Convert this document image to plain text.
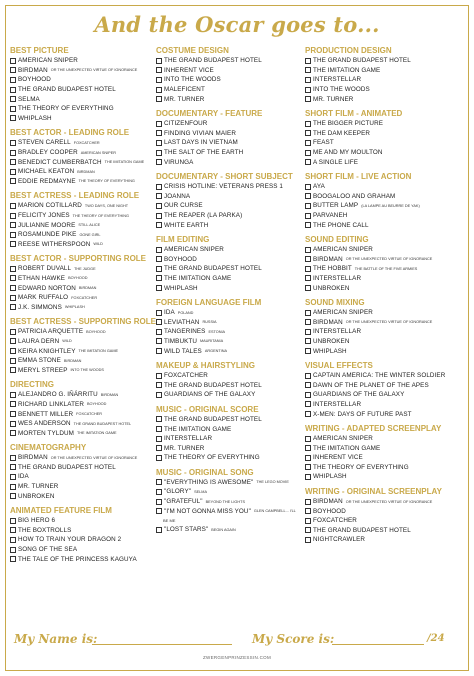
And the Oscar goes to...
BEST PICTURE
AMERICAN SNIPER
BIRDMAN OR THE UNEXPECTED VIRTUE OF IGNORANCE
BOYHOOD
THE GRAND BUDAPEST HOTEL
SELMA
THE THEORY OF EVERYTHING
WHIPLASH
BEST ACTOR - LEADING ROLE
STEVEN CARELL FOXCATCHER
BRADLEY COOPER AMERICAN SNIPER
BENEDICT CUMBERBATCH THE IMITATION GAME
MICHAEL KEATON BIRDMAN
EDDIE REDMAYNE THE THEORY OF EVERYTHING
BEST ACTRESS - LEADING ROLE
MARION COTILLARD TWO DAYS, ONE NIGHT
FELICITY JONES THE THEORY OF EVERYTHING
JULIANNE MOORE STILL ALICE
ROSAMUNDE PIKE GONE GIRL
REESE WITHERSPOON WILD
BEST ACTOR - SUPPORTING ROLE
ROBERT DUVALL THE JUDGE
ETHAN HAWKE BOYHOOD
EDWARD NORTON BIRDMAN
MARK RUFFALO FOXCATCHER
J.K. SIMMONS WHIPLASH
BEST ACTRESS - SUPPORTING ROLE
PATRICIA ARQUETTE BOYHOOD
LAURA DERN WILD
KEIRA KNIGHTLEY THE IMITATION GAME
EMMA STONE BIRDMAN
MERYL STREEP INTO THE WOODS
DIRECTING
ALEJANDRO G. IÑÁRRITU BIRDMAN
RICHARD LINKLATER BOYHOOD
BENNETT MILLER FOXCATCHER
WES ANDERSON THE GRAND BUDAPEST HOTEL
MORTEN TYLDUM THE IMITATION GAME
CINEMATOGRAPHY
BIRDMAN OR THE UNEXPECTED VIRTUE OF IGNORANCE
THE GRAND BUDAPEST HOTEL
IDA
MR. TURNER
UNBROKEN
ANIMATED FEATURE FILM
BIG HERO 6
THE BOXTROLLS
HOW TO TRAIN YOUR DRAGON 2
SONG OF THE SEA
THE TALE OF THE PRINCESS KAGUYA
COSTUME DESIGN
THE GRAND BUDAPEST HOTEL
INHERENT VICE
INTO THE WOODS
MALEFICENT
MR. TURNER
DOCUMENTARY - FEATURE
CITIZENFOUR
FINDING VIVIAN MAIER
LAST DAYS IN VIETNAM
THE SALT OF THE EARTH
VIRUNGA
DOCUMENTARY - SHORT SUBJECT
CRISIS HOTLINE: VETERANS PRESS 1
JOANNA
OUR CURSE
THE REAPER (LA PARKA)
WHITE EARTH
FILM EDITING
AMERICAN SNIPER
BOYHOOD
THE GRAND BUDAPEST HOTEL
THE IMITATION GAME
WHIPLASH
FOREIGN LANGUAGE FILM
IDA POLAND
LEVIATHAN RUSSIA
TANGERINES ESTONIA
TIMBUKTU MAURITANIA
WILD TALES ARGENTINA
MAKEUP & HAIRSTYLING
FOXCATCHER
THE GRAND BUDAPEST HOTEL
GUARDIANS OF THE GALAXY
MUSIC - ORIGINAL SCORE
THE GRAND BUDAPEST HOTEL
THE IMITATION GAME
INTERSTELLAR
MR. TURNER
THE THEORY OF EVERYTHING
MUSIC - ORIGINAL SONG
"EVERYTHING IS AWESOME" THE LEGO MOVIE
"GLORY" SELMA
"GRATEFUL" BEYOND THE LIGHTS
"I'M NOT GONNA MISS YOU" GLEN CAMPBELL... I'LL
BE ME
"LOST STARS" BEGIN AGAIN
PRODUCTION DESIGN
THE GRAND BUDAPEST HOTEL
THE IMITATION GAME
INTERSTELLAR
INTO THE WOODS
MR. TURNER
SHORT FILM - ANIMATED
THE BIGGER PICTURE
THE DAM KEEPER
FEAST
ME AND MY MOULTON
A SINGLE LIFE
SHORT FILM - LIVE ACTION
AYA
BOOGALOO AND GRAHAM
BUTTER LAMP (LA LAMPE AU BEURRE DE YAK)
PARVANEH
THE PHONE CALL
SOUND EDITING
AMERICAN SNIPER
BIRDMAN OR THE UNEXPECTED VIRTUE OF IGNORANCE
THE HOBBIT THE BATTLE OF THE FIVE ARMIES
INTERSTELLAR
UNBROKEN
SOUND MIXING
AMERICAN SNIPER
BIRDMAN OR THE UNEXPECTED VIRTUE OF IGNORANCE
INTERSTELLAR
UNBROKEN
WHIPLASH
VISUAL EFFECTS
CAPTAIN AMERICA: THE WINTER SOLDIER
DAWN OF THE PLANET OF THE APES
GUARDIANS OF THE GALAXY
INTERSTELLAR
X-MEN: DAYS OF FUTURE PAST
WRITING - ADAPTED SCREENPLAY
AMERICAN SNIPER
THE IMITATION GAME
INHERENT VICE
THE THEORY OF EVERYTHING
WHIPLASH
WRITING - ORIGINAL SCREENPLAY
BIRDMAN OR THE UNEXPECTED VIRTUE OF IGNORANCE
BOYHOOD
FOXCATCHER
THE GRAND BUDAPEST HOTEL
NIGHTCRAWLER
My Name is:	My Score is:	/24
ZWERGENPRINZESSIN.COM
